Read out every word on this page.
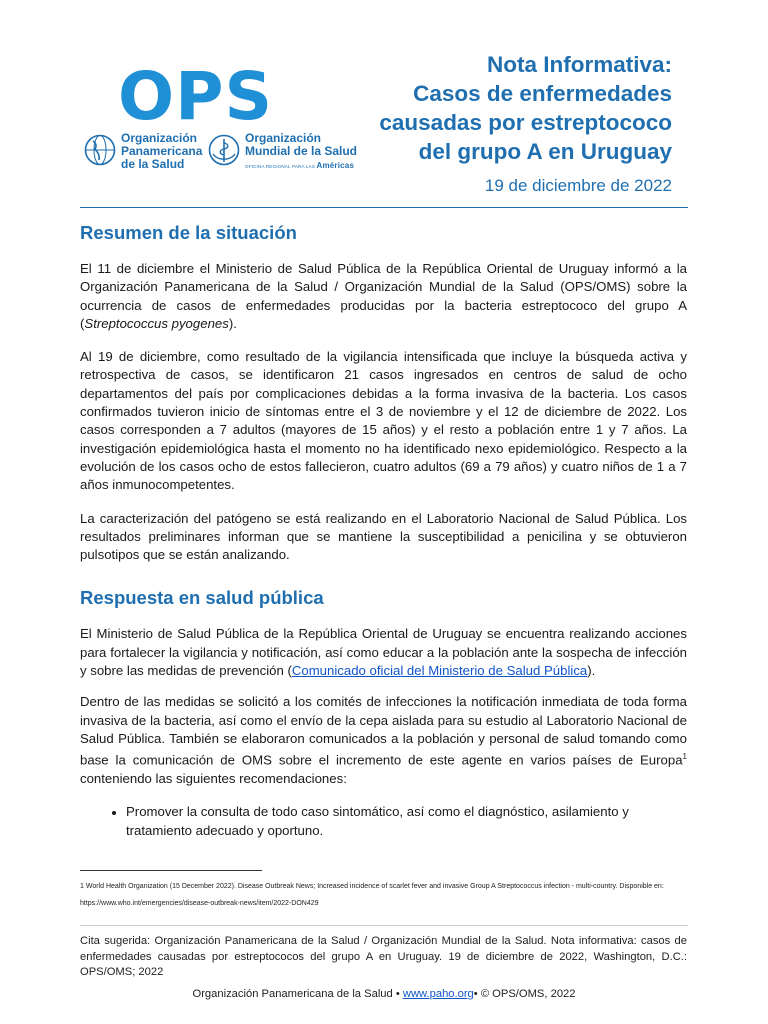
OPS
Organización
Panamericana
de la Salud
Organización
Mundial de la Salud
OFICINA REGIONAL PARA LAS Américas
Nota Informativa:
Casos de enfermedades
causadas por estreptococo
del grupo A en Uruguay
19 de diciembre de 2022
Resumen de la situación

El 11 de diciembre el Ministerio de Salud Pública de la República Oriental de Uruguay informó a la Organización Panamericana de la Salud / Organización Mundial de la Salud (OPS/OMS) sobre la ocurrencia de casos de enfermedades producidas por la bacteria estreptococo del grupo A (Streptococcus pyogenes).

Al 19 de diciembre, como resultado de la vigilancia intensificada que incluye la búsqueda activa y retrospectiva de casos, se identificaron 21 casos ingresados en centros de salud de ocho departamentos del país por complicaciones debidas a la forma invasiva de la bacteria. Los casos confirmados tuvieron inicio de síntomas entre el 3 de noviembre y el 12 de diciembre de 2022. Los casos corresponden a 7 adultos (mayores de 15 años) y el resto a población entre 1 y 7 años. La investigación epidemiológica hasta el momento no ha identificado nexo epidemiológico. Respecto a la evolución de los casos ocho de estos fallecieron, cuatro adultos (69 a 79 años) y cuatro niños de 1 a 7 años inmunocompetentes.

La caracterización del patógeno se está realizando en el Laboratorio Nacional de Salud Pública. Los resultados preliminares informan que se mantiene la susceptibilidad a penicilina y se obtuvieron pulsotipos que se están analizando.

Respuesta en salud pública

El Ministerio de Salud Pública de la República Oriental de Uruguay se encuentra realizando acciones para fortalecer la vigilancia y notificación, así como educar a la población ante la sospecha de infección y sobre las medidas de prevención (Comunicado oficial del Ministerio de Salud Pública).

Dentro de las medidas se solicitó a los comités de infecciones la notificación inmediata de toda forma invasiva de la bacteria, así como el envío de la cepa aislada para su estudio al Laboratorio Nacional de Salud Pública. También se elaboraron comunicados a la población y personal de salud tomando como base la comunicación de OMS sobre el incremento de este agente en varios países de Europa$^1$ conteniendo las siguientes recomendaciones:

• Promover la consulta de todo caso sintomático, así como el diagnóstico, asilamiento y tratamiento adecuado y oportuno.
1 World Health Organization (15 December 2022). Disease Outbreak News; Increased incidence of scarlet fever and invasive Group A Streptococcus infection - multi-country. Disponible en: https://www.who.int/emergencies/disease-outbreak-news/item/2022-DON429
Cita sugerida: Organización Panamericana de la Salud / Organización Mundial de la Salud. Nota informativa: casos de enfermedades causadas por estreptococos del grupo A en Uruguay. 19 de diciembre de 2022, Washington, D.C.: OPS/OMS; 2022
Organización Panamericana de la Salud • www.paho.org• © OPS/OMS, 2022
